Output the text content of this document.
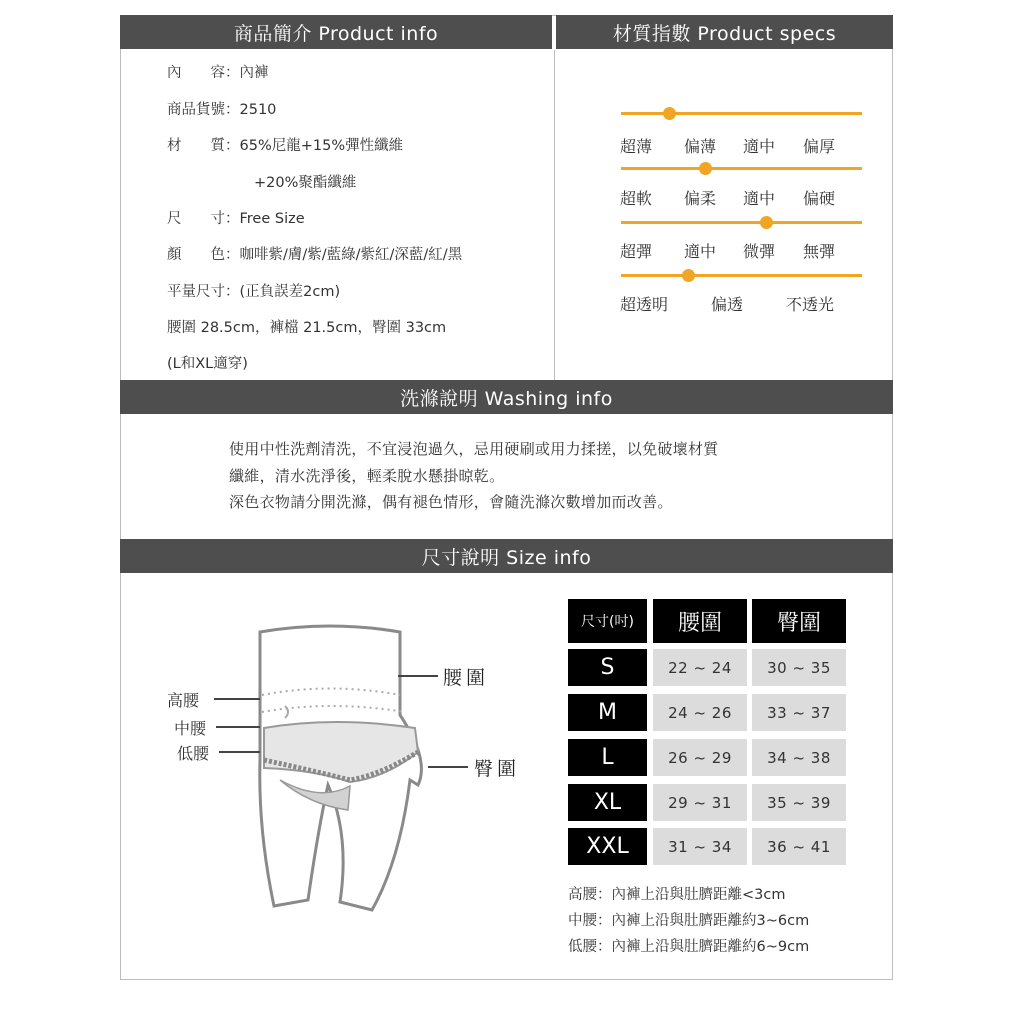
商品簡介 Product info	材質指數 Product specs
內　　容：內褲
商品貨號：2510
材　　質：65%尼龍+15%彈性纖維
+20%聚酯纖維
尺　　寸：Free Size
顏　　色：咖啡紫/膚/紫/藍綠/紫紅/深藍/紅/黑
平量尺寸：(正負誤差2cm)
腰圍 28.5cm，褲檔 21.5cm，臀圍 33cm
(L和XL適穿)
超薄 偏薄 適中 偏厚
超軟 偏柔 適中 偏硬
超彈 適中 微彈 無彈
超透明	偏透	不透光
洗滌說明 Washing info
使用中性洗劑清洗，不宜浸泡過久，忌用硬刷或用力揉搓，以免破壞材質
纖維，清水洗淨後，輕柔脫水懸掛晾乾。
深色衣物請分開洗滌，偶有褪色情形，會隨洗滌次數增加而改善。
尺寸說明 Size info
高腰
中腰
低腰
腰圍
臀圍
尺寸(吋)	腰圍	臀圍
S	22 ~ 24	30 ~ 35
M	24 ~ 26	33 ~ 37
L	26 ~ 29	34 ~ 38
XL	29 ~ 31	35 ~ 39
XXL	31 ~ 34	36 ~ 41
高腰：內褲上沿與肚臍距離<3cm
中腰：內褲上沿與肚臍距離約3~6cm
低腰：內褲上沿與肚臍距離約6~9cm
